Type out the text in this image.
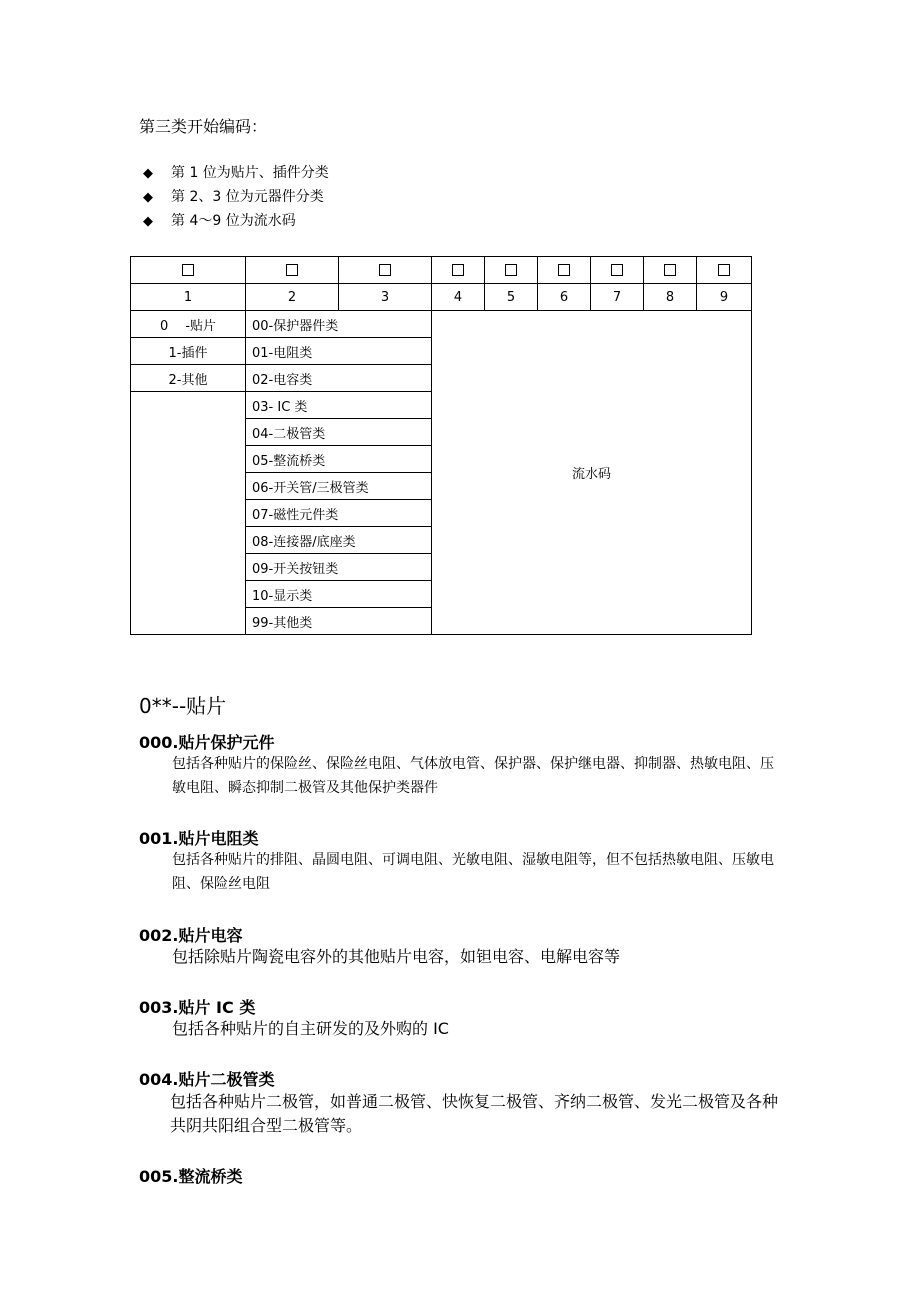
第三类开始编码：
◆ 第 1 位为贴片、插件分类
◆ 第 2、3 位为元器件分类
◆ 第 4～9 位为流水码

1	2	3	4	5	6	7	8	9
0　 -贴片	00-保护器件类		流水码					
1-插件	01-电阻类							
2-其他	02-电容类							
	03- IC 类							
	04-二极管类							
	05-整流桥类							
	06-开关管/三极管类							
	07-磁性元件类							
	08-连接器/底座类							
	09-开关按钮类							
	10-显示类							
	99-其他类							
0**--贴片
000.贴片保护元件
包括各种贴片的保险丝、保险丝电阻、气体放电管、保护器、保护继电器、抑制器、热敏电阻、压敏电阻、瞬态抑制二极管及其他保护类器件
001.贴片电阻类
包括各种贴片的排阻、晶圆电阻、可调电阻、光敏电阻、湿敏电阻等，但不包括热敏电阻、压敏电阻、保险丝电阻
002.贴片电容
包括除贴片陶瓷电容外的其他贴片电容，如钽电容、电解电容等
003.贴片 IC 类
包括各种贴片的自主研发的及外购的 IC
004.贴片二极管类
包括各种贴片二极管，如普通二极管、快恢复二极管、齐纳二极管、发光二极管及各种共阴共阳组合型二极管等。
005.整流桥类
